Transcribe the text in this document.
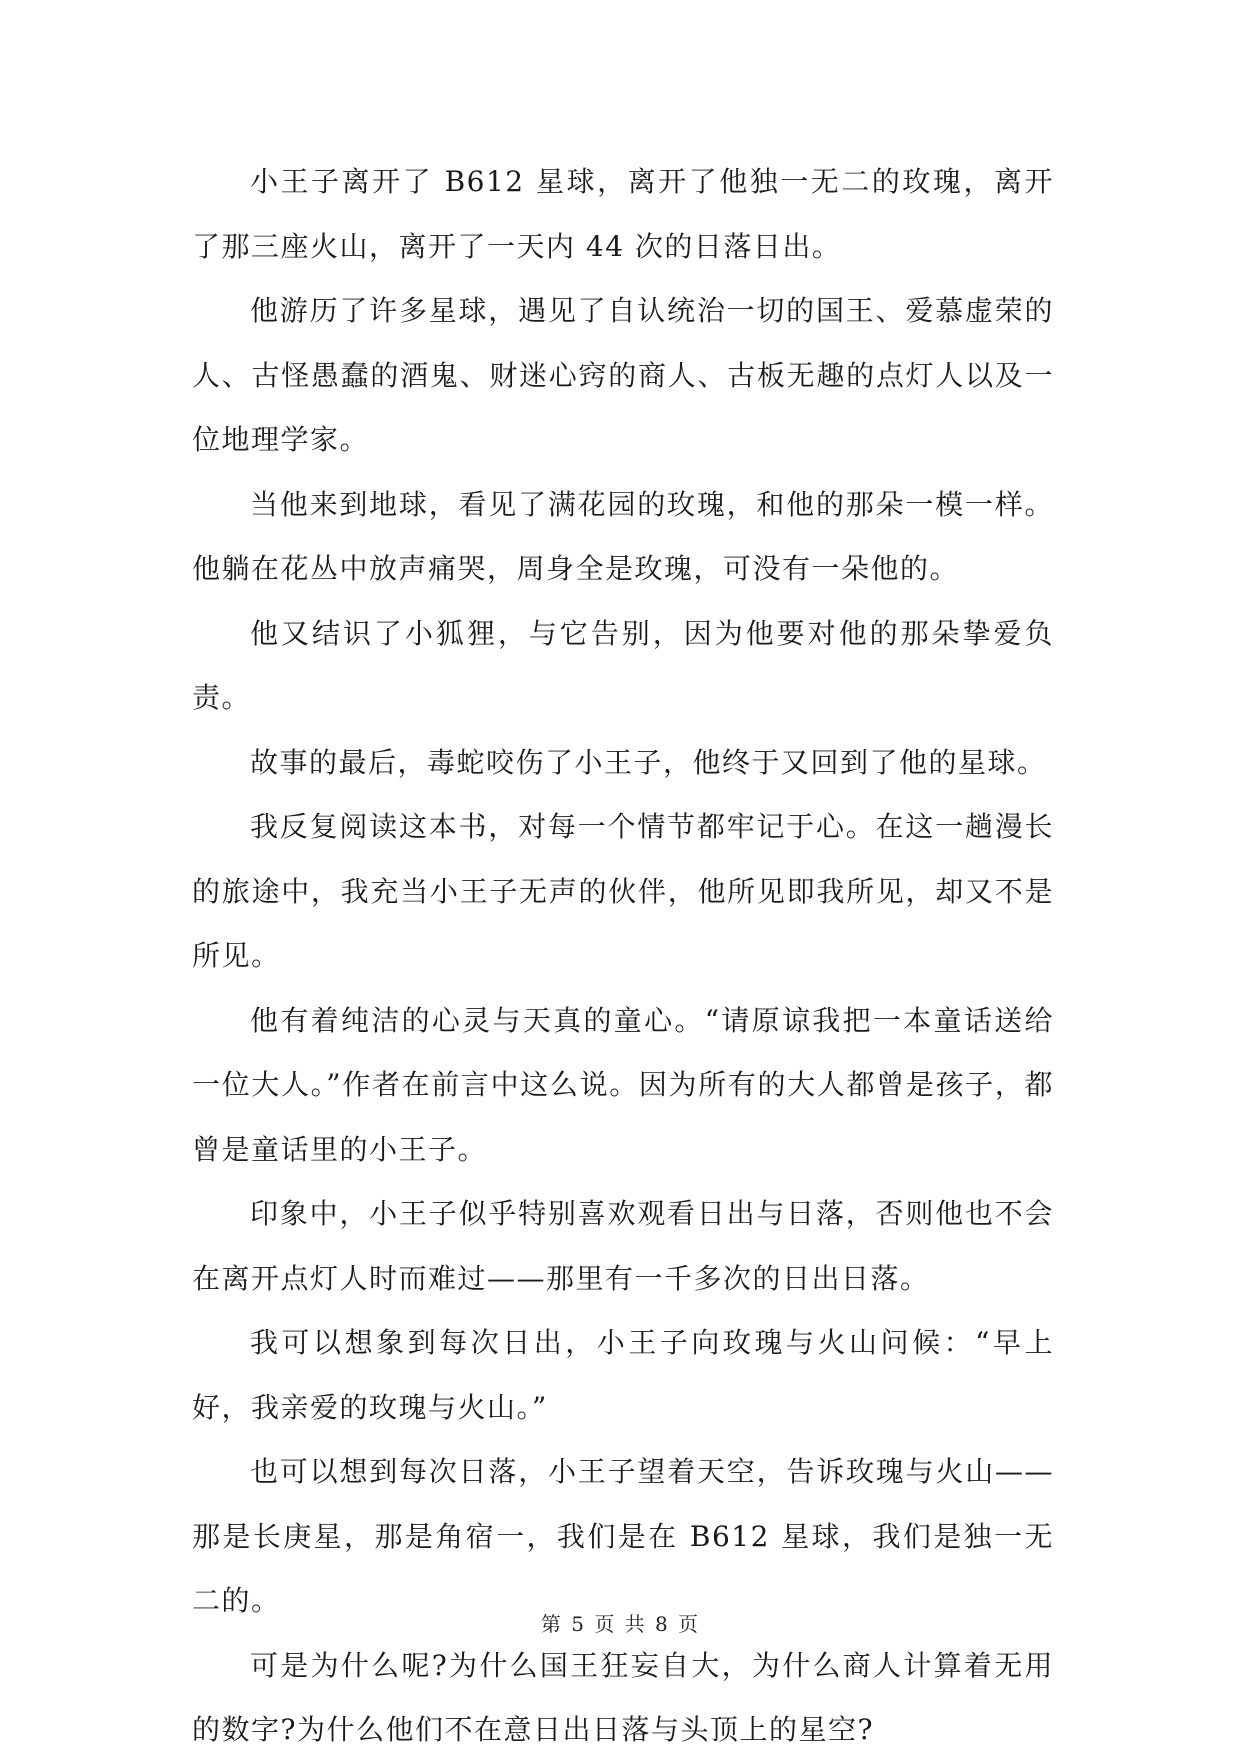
小王子离开了 B612 星球，离开了他独一无二的玫瑰，离开了那三座火山，离开了一天内 44 次的日落日出。

他游历了许多星球，遇见了自认统治一切的国王、爱慕虚荣的人、古怪愚蠢的酒鬼、财迷心窍的商人、古板无趣的点灯人以及一位地理学家。

当他来到地球，看见了满花园的玫瑰，和他的那朵一模一样。他躺在花丛中放声痛哭，周身全是玫瑰，可没有一朵他的。

他又结识了小狐狸，与它告别，因为他要对他的那朵挚爱负责。

故事的最后，毒蛇咬伤了小王子，他终于又回到了他的星球。

我反复阅读这本书，对每一个情节都牢记于心。在这一趟漫长的旅途中，我充当小王子无声的伙伴，他所见即我所见，却又不是所见。

他有着纯洁的心灵与天真的童心。“请原谅我把一本童话送给一位大人。”作者在前言中这么说。因为所有的大人都曾是孩子，都曾是童话里的小王子。

印象中，小王子似乎特别喜欢观看日出与日落，否则他也不会在离开点灯人时而难过——那里有一千多次的日出日落。

我可以想象到每次日出，小王子向玫瑰与火山问候：“早上好，我亲爱的玫瑰与火山。”

也可以想到每次日落，小王子望着天空，告诉玫瑰与火山——那是长庚星，那是角宿一，我们是在 B612 星球，我们是独一无二的。

可是为什么呢?为什么国王狂妄自大，为什么商人计算着无用的数字?为什么他们不在意日出日落与头顶上的星空?

第 5 页 共 8 页
